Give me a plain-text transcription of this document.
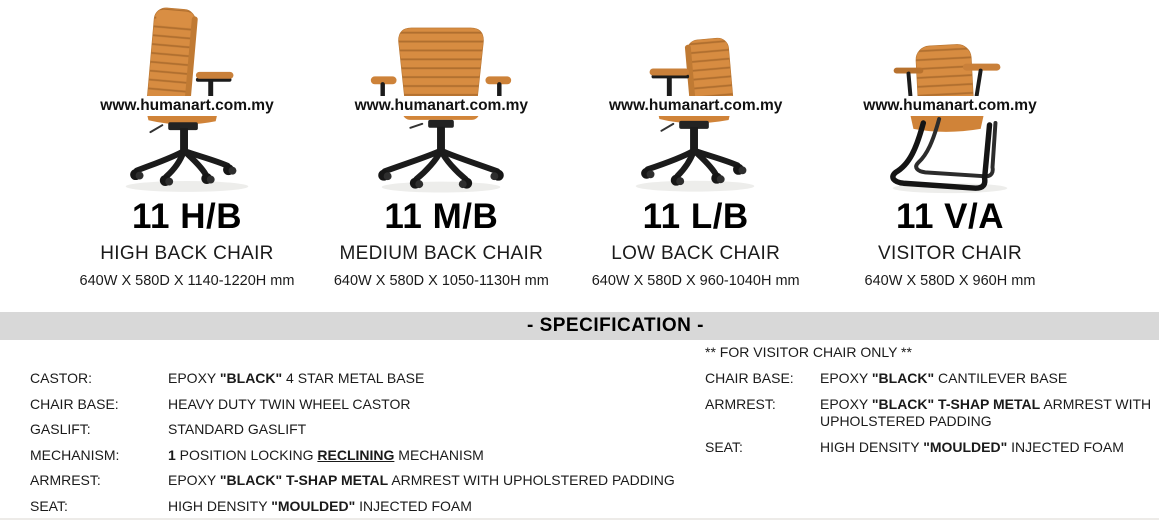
www.humanart.com.my
11 H/B
HIGH BACK CHAIR
640W X 580D X 1140-1220H mm
www.humanart.com.my
11 M/B
MEDIUM BACK CHAIR
640W X 580D X 1050-1130H mm
www.humanart.com.my
11 L/B
LOW BACK CHAIR
640W X 580D X 960-1040H mm
www.humanart.com.my
11 V/A
VISITOR CHAIR
640W X 580D X 960H mm
- SPECIFICATION -
CASTOR:	EPOXY "BLACK" 4 STAR METAL BASE
CHAIR BASE:	HEAVY DUTY TWIN WHEEL CASTOR
GASLIFT:	STANDARD GASLIFT
MECHANISM:	1 POSITION LOCKING RECLINING MECHANISM
ARMREST:	EPOXY "BLACK" T-SHAP METAL ARMREST WITH UPHOLSTERED PADDING
SEAT:	HIGH DENSITY "MOULDED" INJECTED FOAM
** FOR VISITOR CHAIR ONLY **
CHAIR BASE:	EPOXY "BLACK" CANTILEVER BASE
ARMREST:	EPOXY "BLACK" T-SHAP METAL ARMREST WITH UPHOLSTERED PADDING
SEAT:	HIGH DENSITY "MOULDED" INJECTED FOAM
